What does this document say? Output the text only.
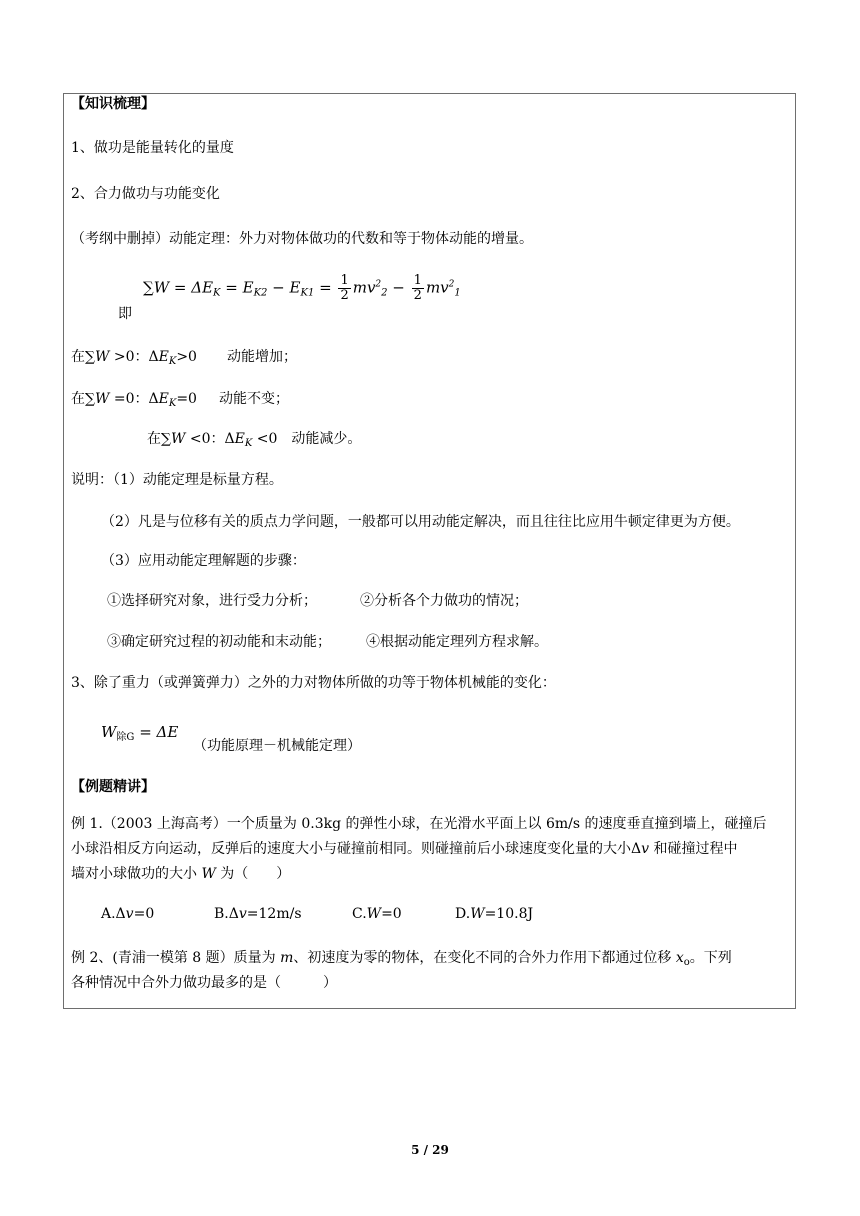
【知识梳理】
1、做功是能量转化的量度
2、合力做功与功能变化
（考纲中删掉）动能定理：外力对物体做功的代数和等于物体动能的增量。
即
$\sum W = \Delta E_K = E_{K2} - E_{K1} = \frac{1}{2} mv^2_2 - \frac{1}{2} mv^2_1$
在∑W >0：$\Delta E_K>0$ 动能增加；
在∑W =0：$\Delta E_K=0$ 动能不变；
在∑W <0：$\Delta E_K <0$ 动能减少。
说明：（1）动能定理是标量方程。
（2）凡是与位移有关的质点力学问题，一般都可以用动能定解决，而且往往比应用牛顿定律更为方便。
（3）应用动能定理解题的步骤：
①选择研究对象，进行受力分析；	②分析各个力做功的情况；
③确定研究过程的初动能和末动能；	④根据动能定理列方程求解。
3、除了重力（或弹簧弹力）之外的力对物体所做的功等于物体机械能的变化：
$W_{除G} = \Delta E$
（功能原理－机械能定理）
【例题精讲】
例 1.（2003 上海高考）一个质量为 0.3kg 的弹性小球，在光滑水平面上以 6m/s 的速度垂直撞到墙上，碰撞后
小球沿相反方向运动，反弹后的速度大小与碰撞前相同。则碰撞前后小球速度变化量的大小Δv 和碰撞过程中
墙对小球做功的大小 W 为（　　）
A.Δv=0	B.Δv=12m/s	C.W=0	D.W=10.8J
例 2、(青浦一模第 8 题）质量为 m、初速度为零的物体，在变化不同的合外力作用下都通过位移 $x_o$。下列
各种情况中合外力做功最多的是（　　　）
5 / 29
